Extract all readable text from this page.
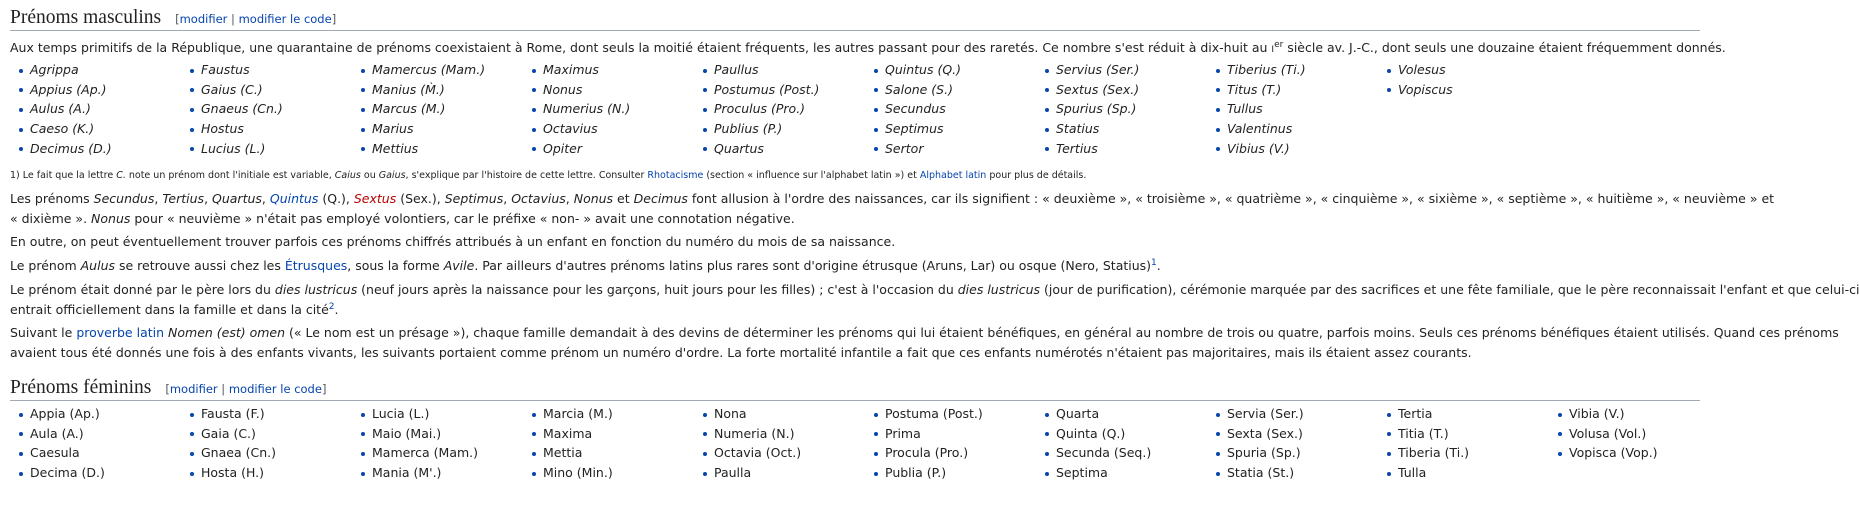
Prénoms masculins [modifier | modifier le code]

Aux temps primitifs de la République, une quarantaine de prénoms coexistaient à Rome, dont seuls la moitié étaient fréquents, les autres passant pour des raretés. Ce nombre s'est réduit à dix-huit au Ier siècle av. J.-C., dont seuls une douzaine étaient fréquemment donnés.

Agrippa
Appius (Ap.)
Aulus (A.)
Caeso (K.)
Decimus (D.)
Faustus
Gaius (C.)
Gnaeus (Cn.)
Hostus
Lucius (L.)
Mamercus (Mam.)
Manius (M̀.)
Marcus (M.)
Marius
Mettius
Maximus
Nonus
Numerius (N.)
Octavius
Opiter
Paullus
Postumus (Post.)
Proculus (Pro.)
Publius (P.)
Quartus
Quintus (Q.)
Salone (S.)
Secundus
Septimus
Sertor
Servius (Ser.)
Sextus (Sex.)
Spurius (Sp.)
Statius
Tertius
Tiberius (Ti.)
Titus (T.)
Tullus
Valentinus
Vibius (V.)
Volesus
Vopiscus
1) Le fait que la lettre C. note un prénom dont l'initiale est variable, Caius ou Gaius, s'explique par l'histoire de cette lettre. Consulter Rhotacisme (section « influence sur l'alphabet latin ») et Alphabet latin pour plus de détails.

Les prénoms Secundus, Tertius, Quartus, Quintus (Q.), Sextus (Sex.), Septimus, Octavius, Nonus et Decimus font allusion à l'ordre des naissances, car ils signifient : « deuxième », « troisième », « quatrième », « cinquième », « sixième », « septième », « huitième », « neuvième » et
« dixième ». Nonus pour « neuvième » n'était pas employé volontiers, car le préfixe « non- » avait une connotation négative.

En outre, on peut éventuellement trouver parfois ces prénoms chiffrés attribués à un enfant en fonction du numéro du mois de sa naissance.

Le prénom Aulus se retrouve aussi chez les Étrusques, sous la forme Avile. Par ailleurs d'autres prénoms latins plus rares sont d'origine étrusque (Aruns, Lar) ou osque (Nero, Statius)$^1$.

Le prénom était donné par le père lors du dies lustricus (neuf jours après la naissance pour les garçons, huit jours pour les filles) ; c'est à l'occasion du dies lustricus (jour de purification), cérémonie marquée par des sacrifices et une fête familiale, que le père reconnaissait l'enfant et que celui-ci
entrait officiellement dans la famille et dans la cité$^2$.

Suivant le proverbe latin Nomen (est) omen (« Le nom est un présage »), chaque famille demandait à des devins de déterminer les prénoms qui lui étaient bénéfiques, en général au nombre de trois ou quatre, parfois moins. Seuls ces prénoms bénéfiques étaient utilisés. Quand ces prénoms
avaient tous été donnés une fois à des enfants vivants, les suivants portaient comme prénom un numéro d'ordre. La forte mortalité infantile a fait que ces enfants numérotés n'étaient pas majoritaires, mais ils étaient assez courants.

Prénoms féminins [modifier | modifier le code]
Appia (Ap.)
Aula (A.)
Caesula
Decima (D.)
Fausta (F.)
Gaia (C.)
Gnaea (Cn.)
Hosta (H.)
Lucia (L.)
Maio (Mai.)
Mamerca (Mam.)
Mania (M'.)
Marcia (M.)
Maxima
Mettia
Mino (Min.)
Nona
Numeria (N.)
Octavia (Oct.)
Paulla
Postuma (Post.)
Prima
Procula (Pro.)
Publia (P.)
Quarta
Quinta (Q.)
Secunda (Seq.)
Septima
Servia (Ser.)
Sexta (Sex.)
Spuria (Sp.)
Statia (St.)
Tertia
Titia (T.)
Tiberia (Ti.)
Tulla
Vibia (V.)
Volusa (Vol.)
Vopisca (Vop.)
